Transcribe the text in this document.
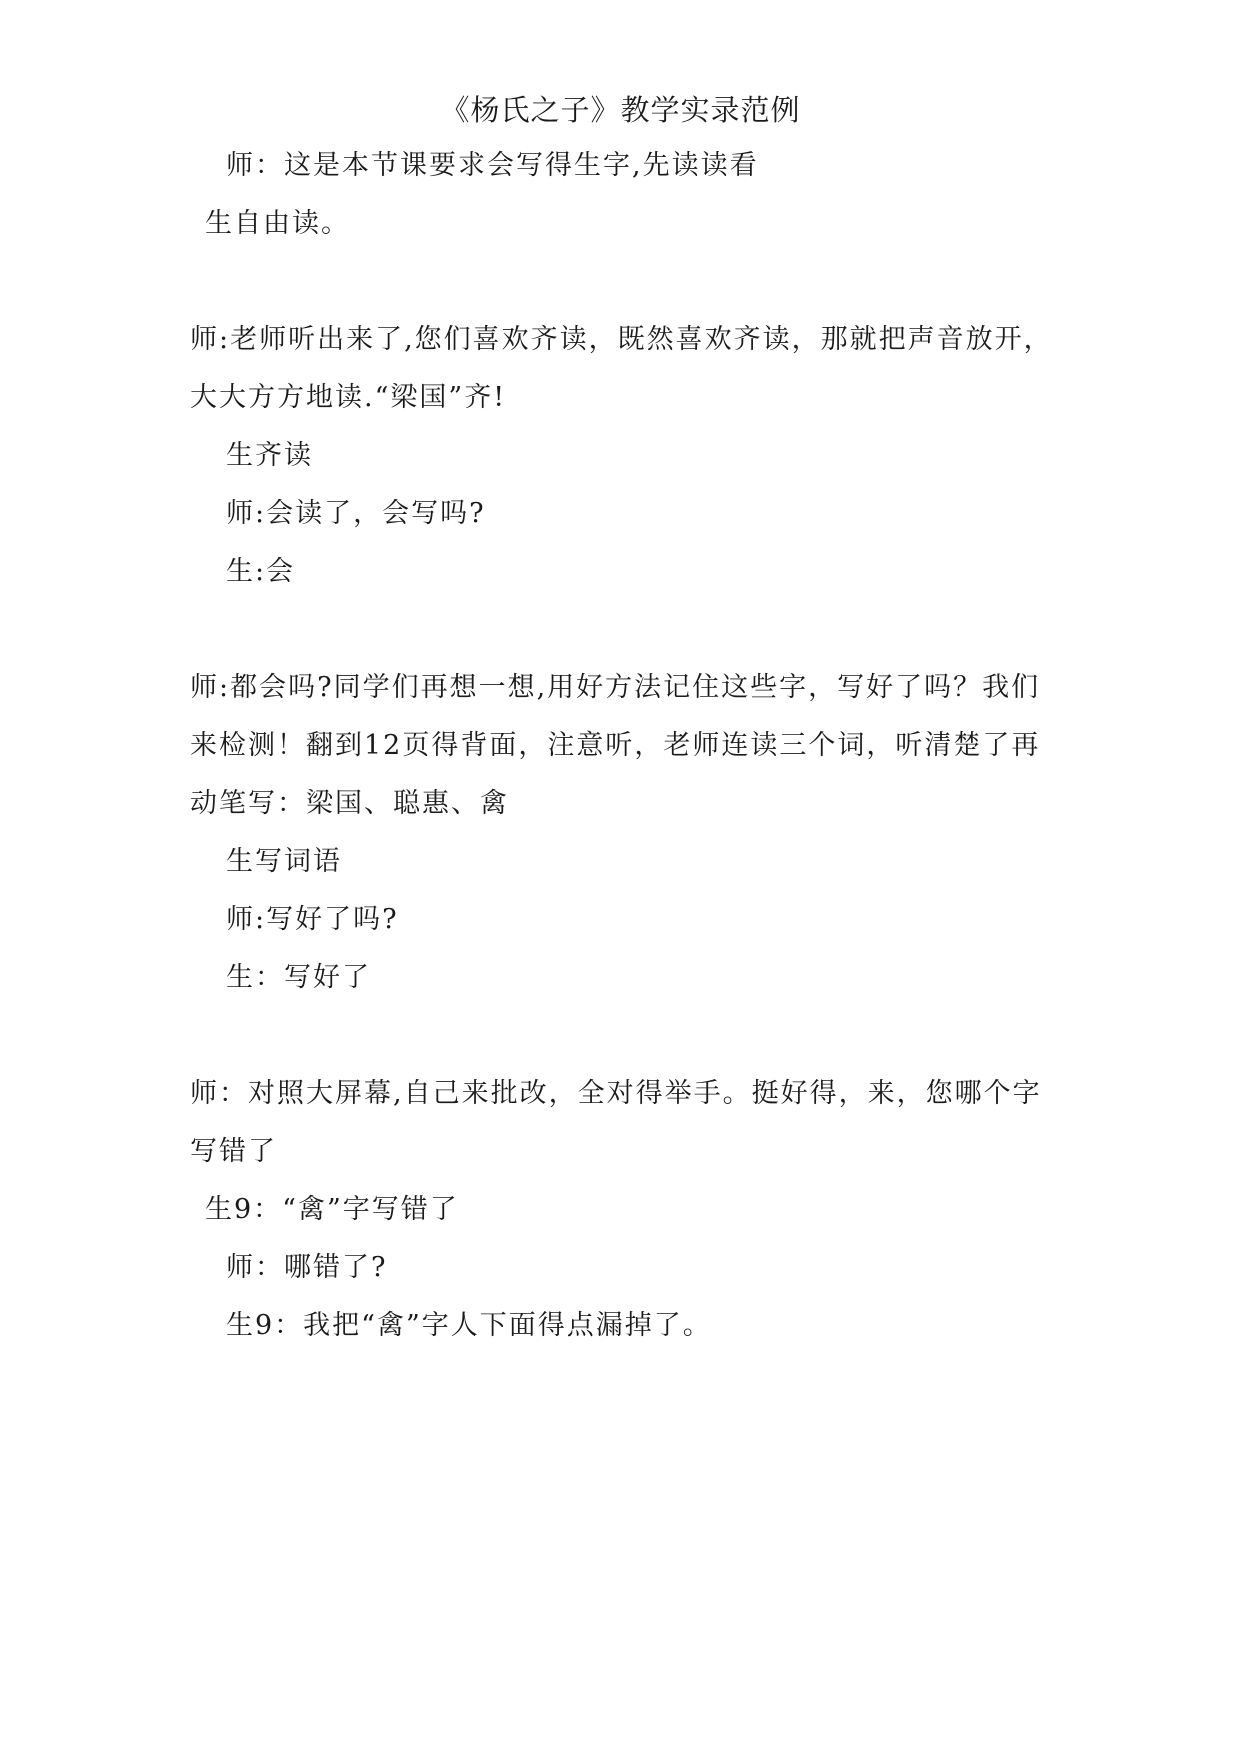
《杨氏之子》教学实录范例
师：这是本节课要求会写得生字,先读读看
生自由读。
师:老师听出来了,您们喜欢齐读，既然喜欢齐读，那就把声音放开，
大大方方地读.“梁国”齐!
生齐读
师:会读了，会写吗?
生:会
师:都会吗?同学们再想一想,用好方法记住这些字，写好了吗？我们
来检测！翻到12页得背面，注意听，老师连读三个词，听清楚了再
动笔写：梁国、聪惠、禽
生写词语
师:写好了吗?
生：写好了
师：对照大屏幕,自己来批改，全对得举手。挺好得，来，您哪个字
写错了
生9：“禽”字写错了
师：哪错了?
生9：我把“禽”字人下面得点漏掉了。
